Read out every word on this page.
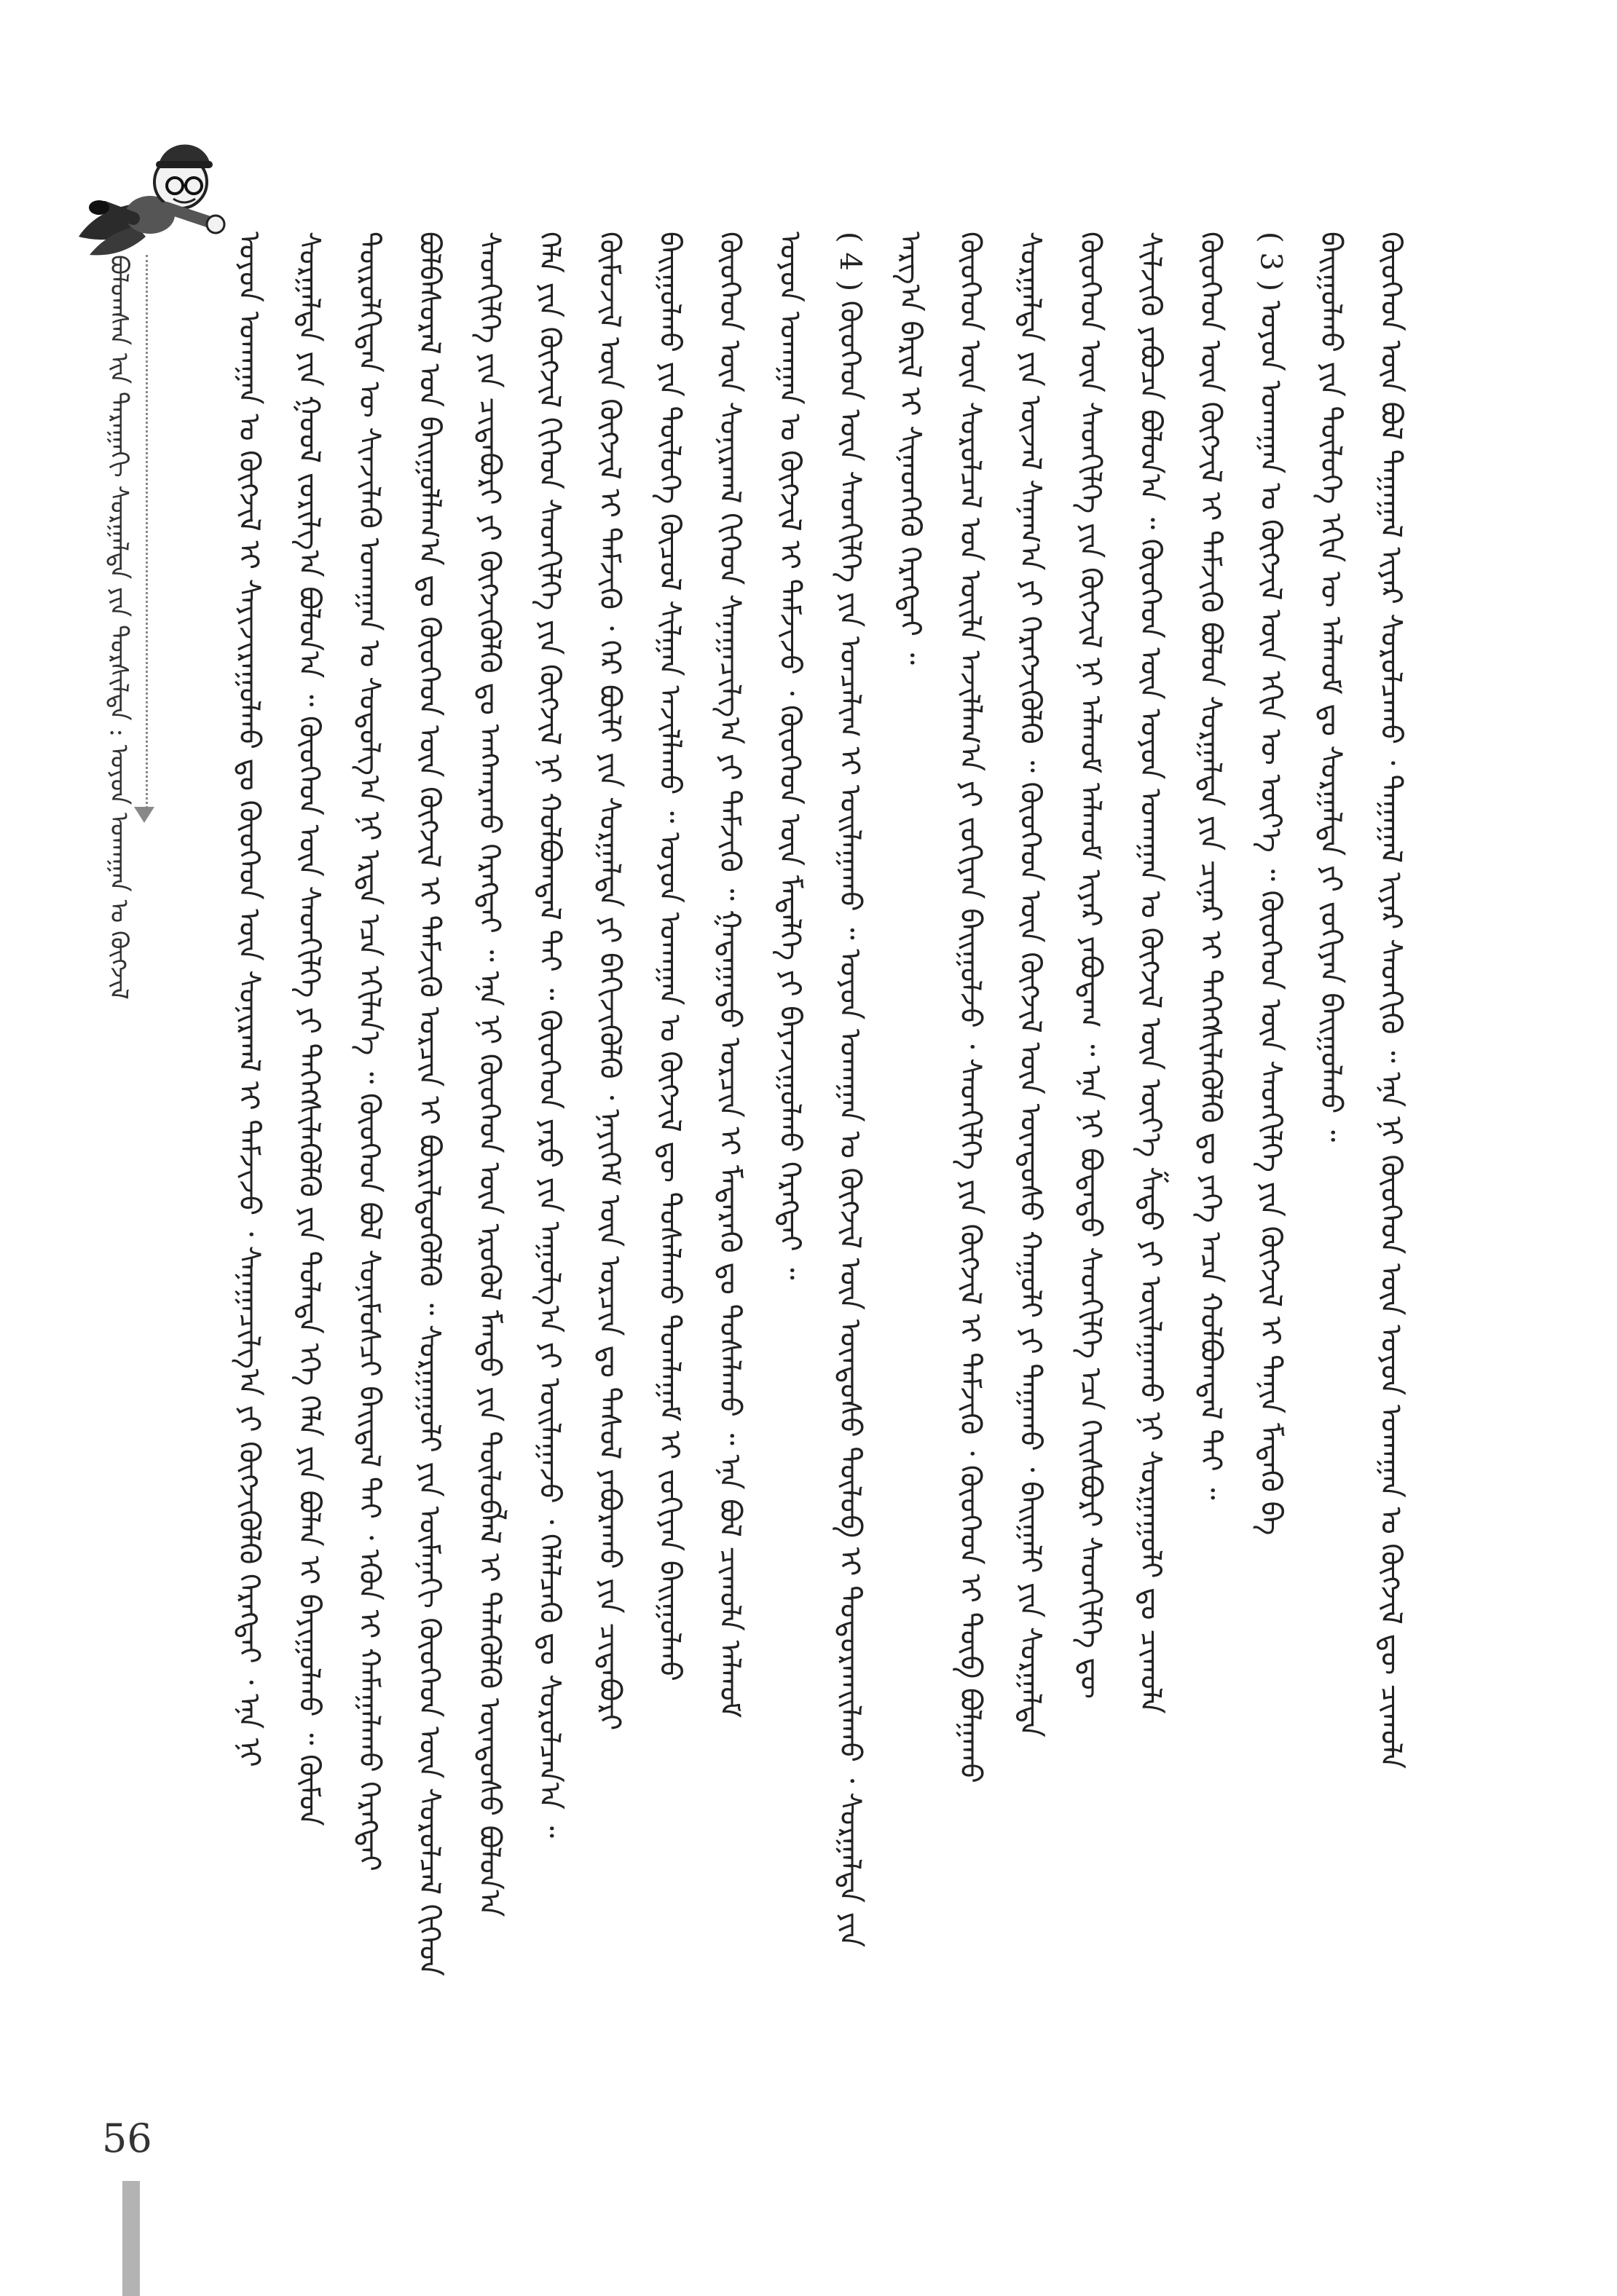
ᠪᠣᠯᠤᠭᠰᠠᠨ ᠢᠨ ᠳᠠᠷᠠᠭᠠᠬᠢ ᠰᠤᠷᠭᠠᠯᠲᠠ ᠶᠢᠨ ᠲᠤᠷᠰᠢᠯᠲᠠ : ᠤᠶᠤᠨ ᠤᠬᠠᠭᠠᠨ ᠤ ᠬᠥᠭᠵᠢᠯ	ᠣᠶᠣᠨ ᠤᠬᠠᠭᠠᠨ ᠤ ᠬᠥᠭᠵᠢᠯ ᠢ ᠰᠠᠶᠢᠵᠢᠷᠠᠭᠤᠯᠬᠤ ᠳᠤ ᠬᠦᠦᠬᠡᠳ ᠦᠨ ᠰᠤᠨᠢᠷᠬᠠᠯ ᠢ ᠳᠡᠮᠵᠢᠵᠦ ᠂ ᠰᠠᠨᠠᠭᠠᠴᠢᠯᠭ᠎ᠠ ᠶᠢ ᠬᠥᠭᠵᠢᠭᠦᠯᠬᠦ ᠬᠡᠷᠡᠭᠲᠡᠢ ᠂ ᠡᠨᠡ ᠨᠢ ᠰᠤᠷᠭᠠᠯᠲᠠ ᠶᠢᠨ ᠭᠣᠣᠯ ᠵᠣᠷᠢᠯᠭ᠎ᠠ ᠪᠣᠯᠤᠨ᠎ᠠ ᠃ ᠬᠦᠦᠬᠡᠳ ᠦᠨ ᠰᠡᠳᠬᠢᠯᠭᠡ ᠶᠢ ᠳᠡᠭᠡᠭᠰᠢᠯᠡᠭᠦᠯᠬᠦ ᠶᠢᠨ ᠲᠤᠯᠠᠳᠠ ᠡᠬᠡ ᠬᠡᠯᠡ ᠶᠢᠨ ᠪᠤᠯᠠᠨ ᠢ ᠪᠠᠶᠢᠭᠤᠯᠬᠤ ᠃ ᠬᠦᠮᠦᠨ ᠲᠦᠷᠦᠯᠬᠢᠲᠡᠨ ᠦ ᠰᠢᠨᠵᠢᠯᠡᠬᠦ ᠤᠬᠠᠭᠠᠨ ᠤ ᠰᠤᠳᠤᠯᠭ᠎ᠠ ᠨᠢ ᠡᠷᠲᠡ ᠡᠴᠡ ᠡᠬᠢᠯᠡᠨ᠎ᠡ ᠃ ᠬᠦᠦᠬᠡᠳ ᠪᠤᠯ ᠰᠣᠨᠢᠮᠣᠰᠴᠢ ᠪᠠᠢᠳᠠᠯ ᠲᠠᠢ ᠂ ᠡᠭᠦᠨ ᠢ ᠬᠠᠮᠠᠭᠠᠯᠠᠬᠤ ᠬᠡᠷᠡᠭᠲᠡᠢ ᠪᠣᠯᠪᠠᠰᠤᠷᠠᠯ ᠤᠨ ᠪᠠᠢᠭᠤᠯᠯᠠᠭ᠎ᠠ ᠳᠤ ᠬᠦᠦᠬᠡᠳ ᠦᠨ ᠬᠥᠭᠵᠢᠯ ᠢ ᠳᠡᠮᠵᠢᠬᠦ ᠤᠷᠴᠢᠨ ᠢ ᠪᠦᠷᠢᠯᠳᠦᠭᠦᠯᠬᠦ ᠃ ᠰᠤᠷᠭᠠᠭᠤᠯᠢ ᠶᠢᠨ ᠦᠮᠡᠨᠡᠬᠢ ᠬᠦᠦᠬᠡᠳ ᠦᠨ ᠰᠤᠷᠤᠯᠴᠠᠯ ᠬᠢᠭᠡᠳ ᠰᠡᠳᠬᠢᠯᠭᠡ ᠶᠢᠨ ᠴᠢᠳᠠᠪᠤᠷᠢ ᠶᠢ ᠬᠥᠭᠵᠢᠭᠦᠯᠬᠦ ᠳᠤ ᠠᠩᠬᠠᠷᠬᠤ ᠬᠡᠷᠡᠭᠲᠡᠢ ᠃ ᠡᠨᠡ ᠨᠢ ᠬᠦᠦᠬᠡᠳ ᠦᠨ ᠡᠷᠦᠬᠦᠯ ᠮᠡᠨᠳᠦ ᠶᠢᠨ ᠲᠥᠯᠦᠪᠯᠡᠯ ᠢ ᠲᠡᠯᠡᠭᠦᠯᠬᠦ ᠦᠨᠳᠦᠰᠦ ᠪᠣᠯᠤᠨ᠎ᠠ ᠬᠡᠯᠡ ᠶᠢᠨ ᠬᠥᠭᠵᠢᠯ ᠬᠢᠭᠡᠳ ᠰᠡᠳᠬᠢᠯᠭᠡ ᠶᠢᠨ ᠬᠥᠭᠵᠢᠯ ᠨᠢ ᠬᠣᠯᠪᠣᠭᠳᠠᠯ ᠲᠠᠢ ᠃ ᠬᠦᠦᠬᠡᠳ ᠶᠡᠷᠦ ᠶᠢᠨ ᠠᠭᠤᠯᠭ᠎ᠠ ᠶᠢ ᠣᠢᠯᠠᠭᠠᠵᠤ ᠂ ᠬᠡᠯᠡᠯᠴᠡᠬᠦ ᠳᠤ ᠰᠤᠷᠤᠯᠴᠠᠨ᠎ᠠ ᠃ ᠬᠦᠮᠦᠵᠢᠯ ᠦᠨ ᠬᠥᠭᠵᠢᠯ ᠢ ᠳᠡᠮᠵᠢᠬᠦ ᠂ ᠭᠡᠷ ᠪᠦᠯᠢ ᠶᠢᠨ ᠰᠤᠷᠭᠠᠯᠲᠠ ᠶᠢ ᠪᠡᠬᠢᠵᠢᠭᠦᠯᠬᠦ ᠂ ᠨᠡᠶᠢᠭᠡᠮ ᠦᠨ ᠣᠷᠴᠢᠨ ᠳᠤ ᠳᠠᠰᠤᠯ ᠶᠠᠪᠤᠷᠠᠬᠤ ᠶᠢᠨ ᠴᠢᠳᠠᠪᠤᠷᠢ ᠪᠠᠢᠭᠤᠯᠬᠤ ᠶᠢᠨ ᠲᠥᠯᠦᠭᠡ ᠬᠦᠴᠦᠯ ᠰᠢᠯᠭᠠᠨ ᠠᠵᠢᠯᠯᠠᠬᠤ ᠃ ᠣᠶᠣᠨ ᠤᠬᠠᠭᠠᠨ ᠤ ᠬᠥᠭᠵᠢᠯ ᠳᠦ ᠲᠤᠰᠠᠯᠠᠬᠤ ᠲᠣᠭᠯᠠᠭᠠᠮ ᠢ ᠵᠣᠬᠢᠶᠠᠨ ᠪᠠᠢᠭᠤᠯᠬᠤ ᠬᠦᠦᠬᠡᠳ ᠦᠨ ᠰᠤᠨᠢᠷᠬᠠᠯ ᠬᠢᠭᠡᠳ ᠰᠠᠨᠠᠭᠠᠴᠢᠯᠭ᠎ᠠ ᠶᠢ ᠳᠡᠮᠵᠢᠬᠦ ᠃ ᠭᠠᠳᠠᠭᠠᠳᠤ ᠣᠷᠴᠢᠨ ᠢ ᠮᠡᠳᠡᠷᠡᠬᠦ ᠳᠤ ᠲᠤᠰᠠᠯᠠᠬᠤ ᠃ ᠡᠨᠡ ᠪᠣᠯ ᠴᠢᠬᠤᠯᠠ ᠠᠯᠬᠤᠮ ᠣᠶᠣᠨ ᠤᠬᠠᠭᠠᠨ ᠤ ᠬᠥᠭᠵᠢᠯ ᠢ ᠳᠡᠮᠵᠢᠵᠦ ᠂ ᠬᠦᠦᠬᠡᠳ ᠦᠨ ᠮᠡᠳᠡᠯᠭᠡ ᠶᠢ ᠪᠠᠶᠠᠵᠢᠭᠤᠯᠬᠤ ᠬᠡᠷᠡᠭᠲᠡᠢ ᠃ ( 4 ) ᠬᠦᠦᠬᠡᠳ ᠦᠨ ᠰᠡᠳᠬᠢᠯᠭᠡ ᠶᠢᠨ ᠣᠨᠴᠠᠯᠢᠭ ᠢ ᠣᠢᠯᠠᠭᠠᠬᠤ ᠃ ᠣᠶᠣᠨ ᠤᠬᠠᠭᠠᠨ ᠤ ᠬᠥᠭᠵᠢᠯ ᠦᠨ ᠦᠨᠳᠦᠰᠦ ᠲᠥᠯᠦᠪ ᠢ ᠲᠣᠳᠤᠷᠬᠠᠢᠯᠠᠬᠤ ᠂ ᠰᠤᠷᠭᠠᠯᠲᠠ ᠶᠢᠨ ᠠᠷᠭ᠎ᠠ ᠪᠠᠷᠢᠯ ᠢ ᠰᠢᠨᠡᠳᠭᠡᠬᠦ ᠬᠡᠷᠡᠭᠲᠡᠢ ᠃ ᠬᠦᠦᠬᠡᠳ ᠦᠨ ᠰᠤᠷᠤᠯᠴᠠᠯ ᠤᠨ ᠦᠢᠯᠡ ᠠᠵᠢᠯᠯᠠᠭ᠎ᠠ ᠶᠢ ᠵᠣᠬᠢᠶᠠᠨ ᠪᠠᠢᠭᠤᠯᠵᠤ ᠂ ᠰᠡᠳᠬᠢᠯᠭᠡ ᠶᠢᠨ ᠬᠥᠭᠵᠢᠯ ᠢ ᠳᠡᠮᠵᠢᠬᠦ ᠂ ᠬᠦᠦᠬᠡᠳ ᠢ ᠲᠥᠪ ᠪᠣᠯᠭᠠᠬᠤ ᠰᠤᠷᠭᠠᠯᠲᠠ ᠶᠢᠨ ᠦᠵᠡᠯ ᠰᠠᠨᠠᠭ᠎ᠠ ᠶᠢ ᠬᠡᠷᠡᠭᠵᠢᠭᠦᠯᠬᠦ ᠃ ᠬᠦᠦᠬᠡᠳ ᠦᠨ ᠬᠥᠭᠵᠢᠯ ᠦᠨ ᠦᠨᠳᠦᠰᠦ ᠬᠠᠭᠤᠯᠢ ᠶᠢ ᠳᠠᠭᠠᠬᠤ ᠂ ᠪᠠᠢᠭᠠᠯᠢ ᠶᠢᠨ ᠰᠤᠷᠭᠠᠯᠲᠠ ᠬᠦᠦᠬᠡᠳ ᠦᠨ ᠰᠡᠳᠬᠢᠯᠭᠡ ᠶᠢᠨ ᠬᠥᠭᠵᠢᠯ ᠨᠢ ᠠᠯᠬᠤᠮ ᠠᠯᠬᠤᠮ ᠢᠶᠠᠷ ᠶᠠᠪᠤᠳᠠᠭ ᠃ ᠡᠨᠡ ᠨᠢ ᠪᠣᠳᠠᠲᠤ ᠰᠡᠳᠬᠢᠯᠭᠡ ᠡᠴᠡ ᠬᠡᠢᠰᠪᠦᠷᠢ ᠰᠡᠳᠬᠢᠯᠭᠡ ᠳᠦ ᠰᠢᠯᠵᠢᠬᠦ ᠶᠠᠪᠤᠴᠠ ᠪᠣᠯᠤᠨ᠎ᠠ ᠃ ᠬᠦᠦᠬᠡᠳ ᠦᠨ ᠣᠶᠣᠨ ᠤᠬᠠᠭᠠᠨ ᠤ ᠬᠥᠭᠵᠢᠯ ᠦᠨ ᠦᠶ᠎ᠡ ᠱᠠᠲᠤ ᠶᠢ ᠣᠢᠯᠠᠭᠠᠬᠤ ᠨᠢ ᠰᠤᠷᠭᠠᠭᠤᠯᠢ ᠳᠤ ᠴᠢᠬᠤᠯᠠ ᠬᠦᠦᠬᠡᠳ ᠦᠨ ᠬᠥᠭᠵᠢᠯ ᠢ ᠳᠡᠮᠵᠢᠬᠦ ᠪᠤᠯᠤᠨ ᠰᠤᠷᠭᠠᠯᠲᠠ ᠶᠢᠨ ᠴᠢᠨᠠᠷ ᠢ ᠳᠡᠭᠡᠭᠰᠢᠯᠡᠭᠦᠯᠬᠦ ᠳᠤ ᠶᠡᠬᠡ ᠠᠴᠠ ᠬᠣᠯᠪᠣᠭᠳᠠᠯ ᠲᠠᠢ ᠃ ( 3 ) ᠣᠶᠣᠨ ᠤᠬᠠᠭᠠᠨ ᠤ ᠬᠥᠭᠵᠢᠯ ᠦᠨ ᠡᠬᠢᠨ ᠦ ᠦᠶ᠎ᠡ ᠃ ᠬᠦᠦᠬᠡᠳ ᠦᠨ ᠰᠡᠳᠬᠢᠯᠭᠡ ᠶᠢᠨ ᠬᠥᠭᠵᠢᠯ ᠢ ᠲᠠᠨᠢᠨ ᠮᠡᠳᠡᠬᠦ ᠪᠠ ᠪᠠᠢᠭᠤᠯᠬᠤ ᠶᠢᠨ ᠲᠥᠯᠦᠭᠡ ᠡᠬᠢᠨ ᠦ ᠠᠯᠬᠤᠮ ᠳᠤ ᠰᠤᠷᠭᠠᠯᠲᠠ ᠶᠢ ᠵᠣᠬᠢᠶᠠᠨ ᠪᠠᠢᠭᠤᠯᠬᠤ ᠃ ᠬᠦᠦᠬᠡᠳ ᠦᠨ ᠪᠤᠯ ᠲᠠᠭᠠᠭᠠᠯ ᠢᠶᠠᠷ ᠰᠤᠷᠤᠯᠴᠠᠬᠤ ᠂ ᠲᠠᠭᠠᠭᠠᠯ ᠢᠶᠠᠷ ᠰᠡᠳᠬᠢᠬᠦ ᠃ ᠡᠨᠡ ᠨᠢ ᠬᠦᠦᠬᠡᠳ ᠦᠨ ᠣᠶᠣᠨ ᠤᠬᠠᠭᠠᠨ ᠤ ᠬᠥᠭᠵᠢᠯ ᠳᠦ ᠴᠢᠬᠤᠯᠠ
ᠬᠦᠦᠬᠡᠳ ᠦᠨ ᠰᠡᠳᠬᠢᠯᠭᠡ ᠶᠢᠨ ᠣᠨᠴᠠᠯᠢᠭ ᠢ ᠠᠨᠬᠠᠷᠴᠤ ᠂ ᠬᠥᠭᠵᠢᠯ ᠦᠨ ᠦᠶ᠎ᠡ ᠶᠢᠨ ᠣᠨᠴᠠᠯᠢᠭ ᠢ ᠮᠡᠳᠡᠬᠦ ᠂ ᠰᠤᠷᠭᠠᠯᠲᠠ ᠶᠢᠨ ᠠᠷᠭ᠎ᠠ ᠪᠠᠷᠢᠯ ᠢ ᠰᠣᠩᠭᠤᠬᠤ ᠃ ᠬᠦᠦᠬᠡᠳ ᠦᠨ ᠣᠶᠣᠨ ᠤᠬᠠᠭᠠᠨ ᠤ ᠬᠥᠭᠵᠢᠯ ᠢ ᠳᠡᠮᠵᠢᠬᠦ ᠨᠢ ᠰᠤᠷᠭᠠᠭᠤᠯᠢ ᠶᠢᠨ ᠴᠢᠬᠤᠯᠠ ᠠᠵᠢᠯ ᠪᠣᠯᠤᠨ᠎ᠠ ᠃ ᠬᠦᠦᠬᠡᠳ ᠦᠨ ᠬᠥᠭᠵᠢᠯ ᠳᠦ ᠲᠤᠰᠠᠯᠠᠬᠤ ᠶᠢᠨ ᠲᠤᠯᠠᠳᠠ ᠰᠤᠷᠭᠠᠯᠲᠠ ᠶᠢᠨ ᠠᠵᠢᠯ ᠢ ᠰᠠᠶᠢᠵᠢᠷᠠᠭᠤᠯᠬᠤ ᠬᠡᠷᠡᠭᠲᠡᠢ ᠃ ᠬᠦᠦᠬᠡᠳ ᠪᠣᠯ ᠢᠷᠡᠭᠡᠳᠦᠢ ᠶᠢᠨ ᠲᠤᠯᠠᠭᠤᠷ ᠃
56
